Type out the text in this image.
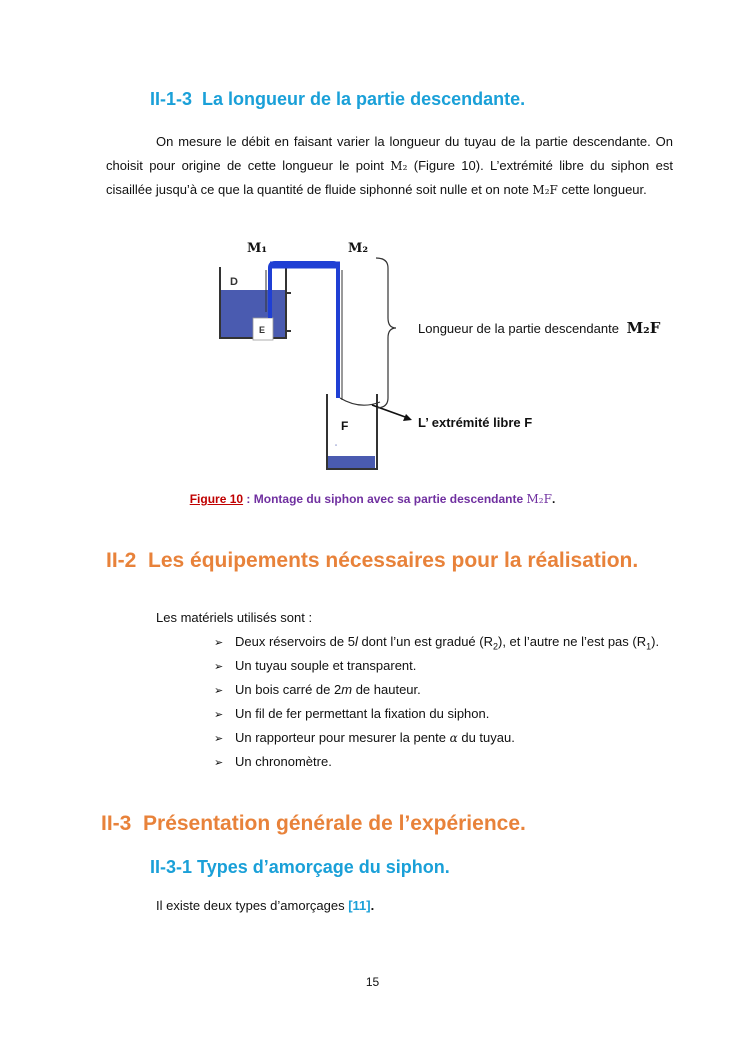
II-1-3 La longueur de la partie descendante.
On mesure le débit en faisant varier la longueur du tuyau de la partie descendante. On choisit pour origine de cette longueur le point M₂ (Figure 10). L’extrémité libre du siphon est cisaillée jusqu’à ce que la quantité de fluide siphonné soit nulle et on note M₂F cette longueur.
D
E
F
▫
M₁	M₂
Longueur de la partie descendante M₂F
L’ extrémité libre F
Figure 10 : Montage du siphon avec sa partie descendante M₂F.
II-2 Les équipements nécessaires pour la réalisation.
Les matériels utilisés sont :
➢ Deux réservoirs de 5l dont l’un est gradué $(R_2)$, et l’autre ne l’est pas $(R_1)$.
➢ Un tuyau souple et transparent.
➢ Un bois carré de 2m de hauteur.
➢ Un fil de fer permettant la fixation du siphon.
➢ Un rapporteur pour mesurer la pente α du tuyau.
➢ Un chronomètre.
II-3 Présentation générale de l’expérience.
II-3-1 Types d’amorçage du siphon.
Il existe deux types d’amorçages [11].
15
